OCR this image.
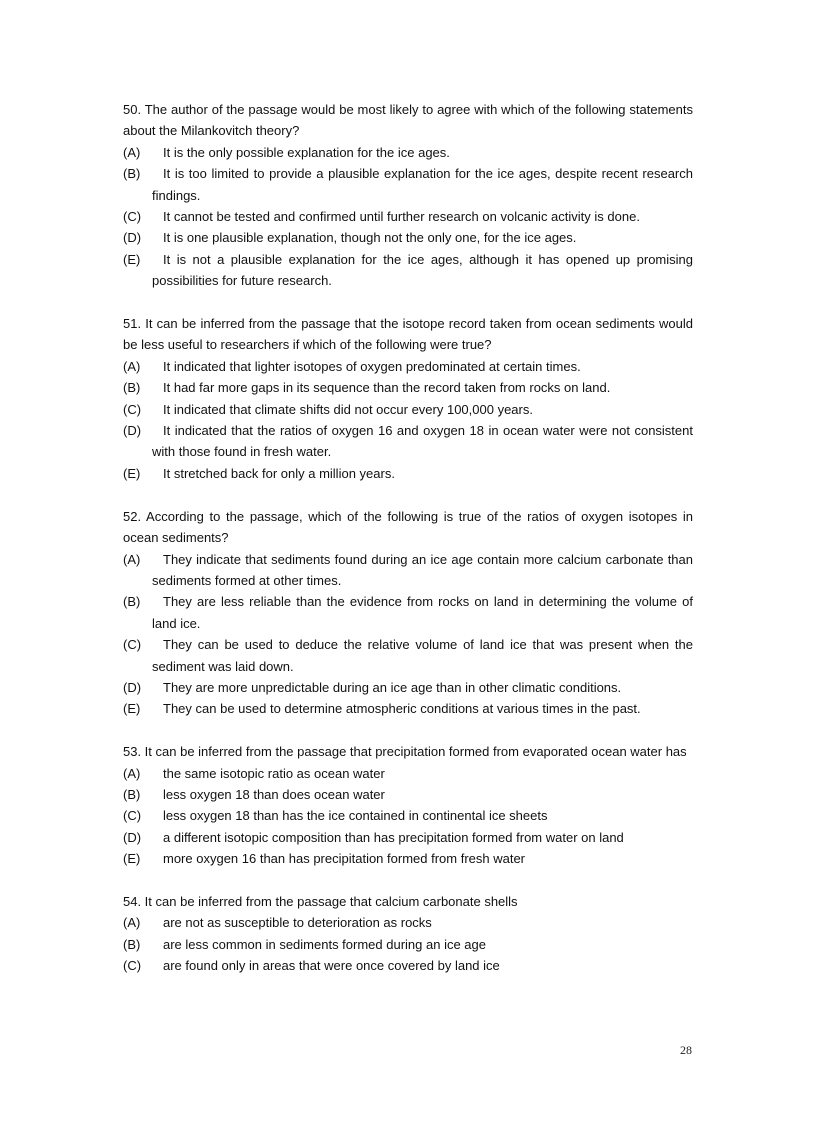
50. The author of the passage would be most likely to agree with which of the following statements about the Milankovitch theory?

(A) It is the only possible explanation for the ice ages.

(B) It is too limited to provide a plausible explanation for the ice ages, despite recent research findings.

(C) It cannot be tested and confirmed until further research on volcanic activity is done.

(D) It is one plausible explanation, though not the only one, for the ice ages.

(E) It is not a plausible explanation for the ice ages, although it has opened up promising possibilities for future research.

51. It can be inferred from the passage that the isotope record taken from ocean sediments would be less useful to researchers if which of the following were true?

(A) It indicated that lighter isotopes of oxygen predominated at certain times.

(B) It had far more gaps in its sequence than the record taken from rocks on land.

(C) It indicated that climate shifts did not occur every 100,000 years.

(D) It indicated that the ratios of oxygen 16 and oxygen 18 in ocean water were not consistent with those found in fresh water.

(E) It stretched back for only a million years.

52. According to the passage, which of the following is true of the ratios of oxygen isotopes in ocean sediments?

(A) They indicate that sediments found during an ice age contain more calcium carbonate than sediments formed at other times.

(B) They are less reliable than the evidence from rocks on land in determining the volume of land ice.

(C) They can be used to deduce the relative volume of land ice that was present when the sediment was laid down.

(D) They are more unpredictable during an ice age than in other climatic conditions.

(E) They can be used to determine atmospheric conditions at various times in the past.

53. It can be inferred from the passage that precipitation formed from evaporated ocean water has

(A) the same isotopic ratio as ocean water

(B) less oxygen 18 than does ocean water

(C) less oxygen 18 than has the ice contained in continental ice sheets

(D) a different isotopic composition than has precipitation formed from water on land

(E) more oxygen 16 than has precipitation formed from fresh water

54. It can be inferred from the passage that calcium carbonate shells

(A) are not as susceptible to deterioration as rocks

(B) are less common in sediments formed during an ice age

(C) are found only in areas that were once covered by land ice

28
